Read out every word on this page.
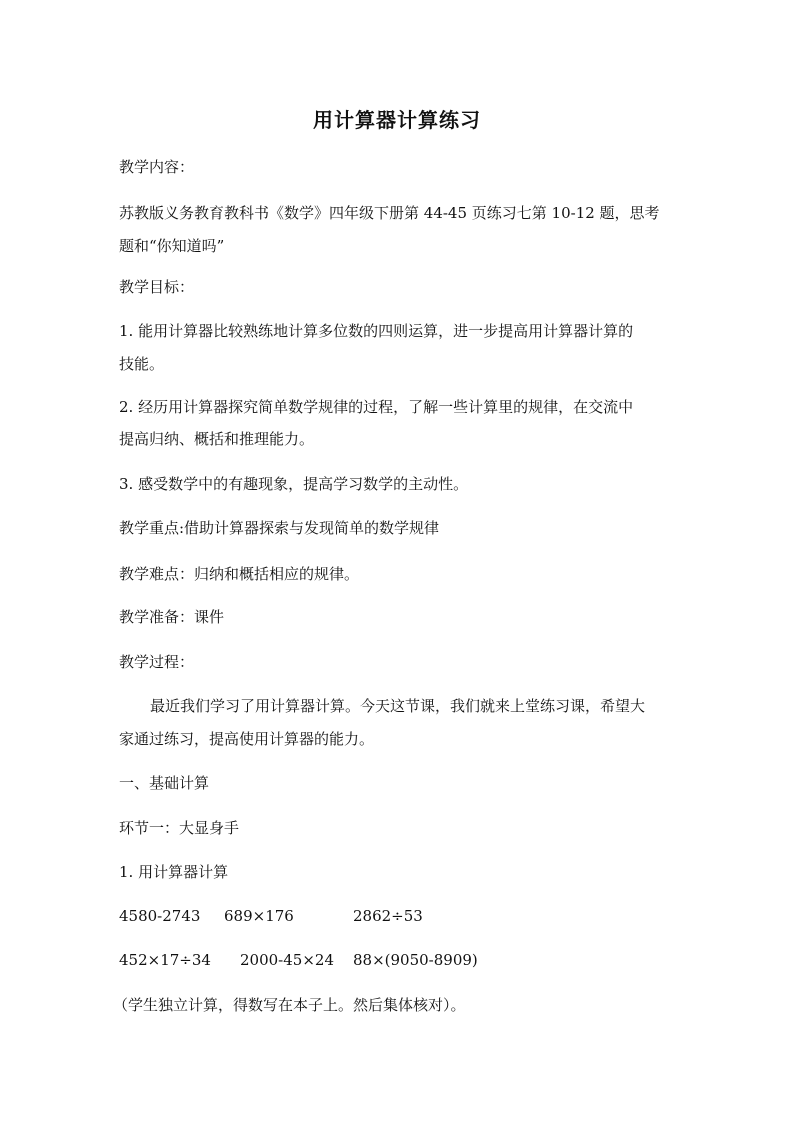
用计算器计算练习
教学内容：
苏教版义务教育教科书《数学》四年级下册第 44-45 页练习七第 10-12 题，思考
题和“你知道吗”
教学目标：
1. 能用计算器比较熟练地计算多位数的四则运算，进一步提高用计算器计算的
技能。
2. 经历用计算器探究简单数学规律的过程，了解一些计算里的规律，在交流中
提高归纳、概括和推理能力。
3. 感受数学中的有趣现象，提高学习数学的主动性。
教学重点:借助计算器探索与发现简单的数学规律
教学难点：归纳和概括相应的规律。
教学准备：课件
教学过程：
最近我们学习了用计算器计算。今天这节课，我们就来上堂练习课，希望大
家通过练习，提高使用计算器的能力。
一、基础计算
环节一：大显身手
1. 用计算器计算
4580-2743 689×176	2862÷53
452×17÷34 2000-45×24 88×(9050-8909)
（学生独立计算，得数写在本子上。然后集体核对）。
